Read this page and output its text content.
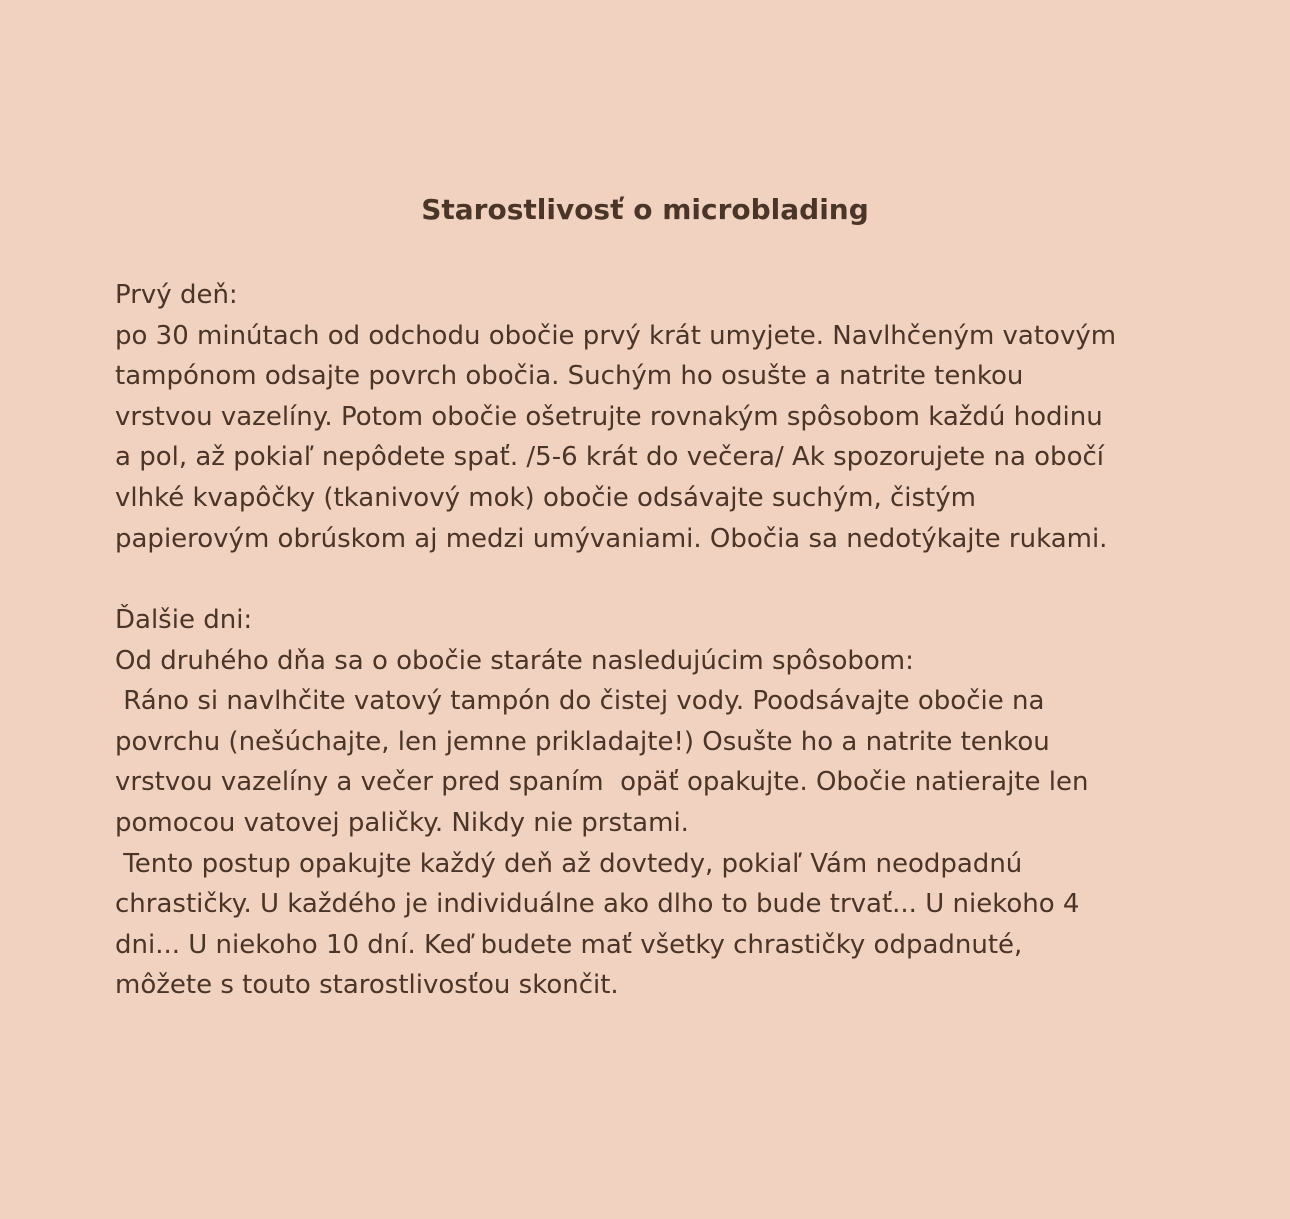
Starostlivosť o microblading
Prvý deň:
po 30 minútach od odchodu obočie prvý krát umyjete. Navlhčeným vatovým
tampónom odsajte povrch obočia. Suchým ho osušte a natrite tenkou
vrstvou vazelíny. Potom obočie ošetrujte rovnakým spôsobom každú hodinu
a pol, až pokiaľ nepôdete spať. /5-6 krát do večera/ Ak spozorujete na obočí
vlhké kvapôčky (tkanivový mok) obočie odsávajte suchým, čistým
papierovým obrúskom aj medzi umývaniami. Obočia sa nedotýkajte rukami.
Ďalšie dni:
Od druhého dňa sa o obočie staráte nasledujúcim spôsobom:
Ráno si navlhčite vatový tampón do čistej vody. Poodsávajte obočie na
povrchu (nešúchajte, len jemne prikladajte!) Osušte ho a natrite tenkou
vrstvou vazelíny a večer pred spaním  opäť opakujte. Obočie natierajte len
pomocou vatovej paličky. Nikdy nie prstami.
Tento postup opakujte každý deň až dovtedy, pokiaľ Vám neodpadnú
chrastičky. U každého je individuálne ako dlho to bude trvať... U niekoho 4
dni... U niekoho 10 dní. Keď budete mať všetky chrastičky odpadnuté,
môžete s touto starostlivosťou skončit.
